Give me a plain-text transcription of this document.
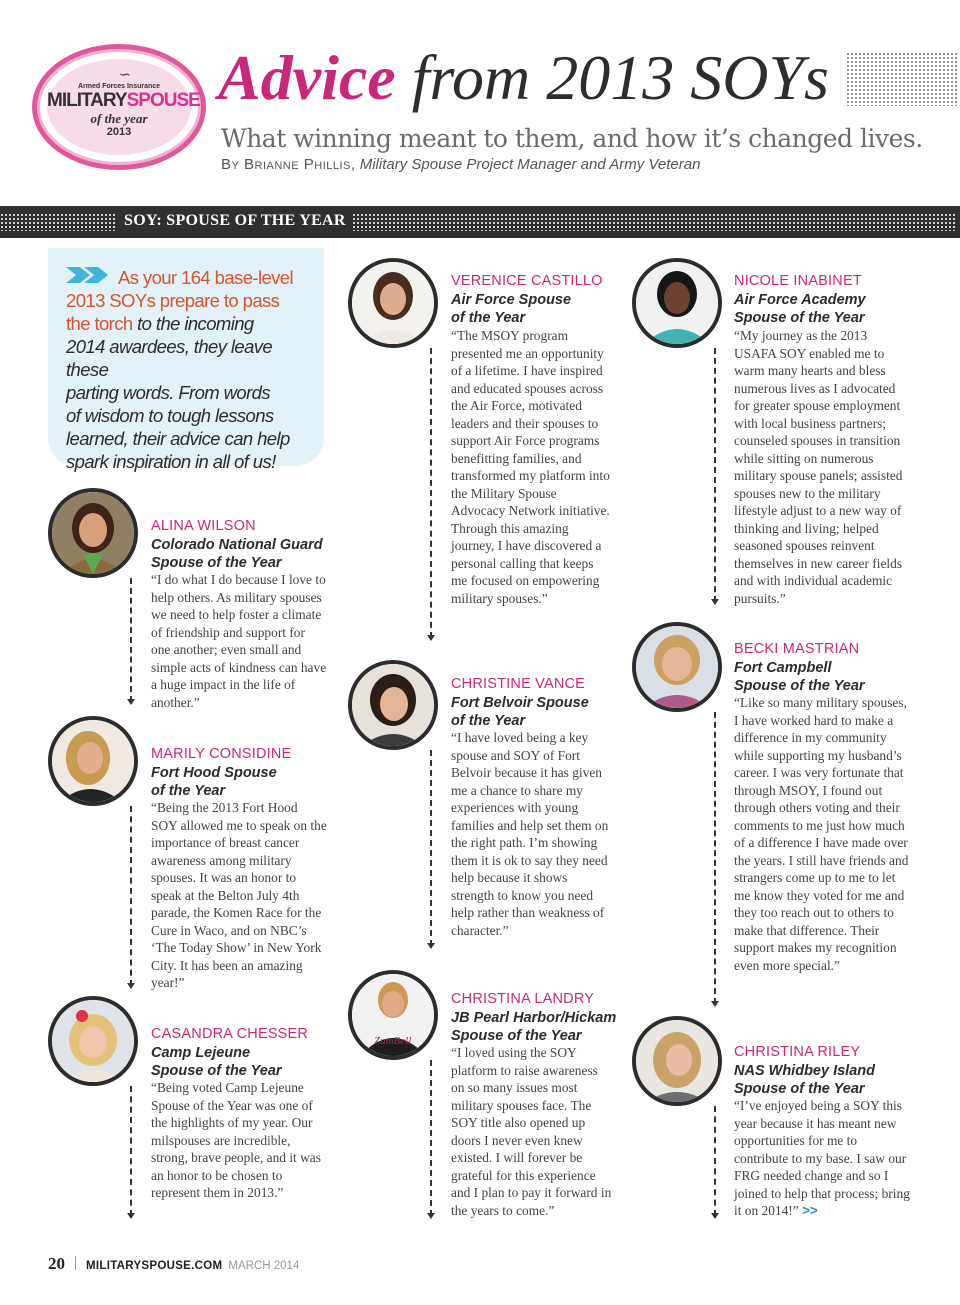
∽
Armed Forces Insurance
MILITARYSPOUSE
of the year
2013
Advice from 2013 SOYs
What winning meant to them, and how it’s changed lives.
By Brianne Phillis, Military Spouse Project Manager and Army Veteran
SOY: SPOUSE OF THE YEAR
As your 164 base-level
2013 SOYs prepare to pass
the torch to the incoming
2014 awardees, they leave these
parting words. From words
of wisdom to tough lessons
learned, their advice can help
spark inspiration in all of us!
ALINA WILSON
Colorado National Guard
Spouse of the Year
“I do what I do because I love to help others. As military spouses we need to help foster a climate of friendship and support for one another; even small and simple acts of kindness can have a huge impact in the life of another.”
MARILY CONSIDINE
Fort Hood Spouse
of the Year
“Being the 2013 Fort Hood SOY allowed me to speak on the importance of breast cancer awareness among military spouses. It was an honor to speak at the Belton July 4th parade, the Komen Race for the Cure in Waco, and on NBC’s ‘The Today Show’ in New York City. It has been an amazing year!”
CASANDRA CHESSER
Camp Lejeune
Spouse of the Year
“Being voted Camp Lejeune Spouse of the Year was one of the highlights of my year. Our milspouses are incredible, strong, brave people, and it was an honor to be chosen to represent them in 2013.”
VERENICE CASTILLO
Air Force Spouse
of the Year
“The MSOY program presented me an opportunity of a lifetime. I have inspired and educated spouses across the Air Force, motivated leaders and their spouses to support Air Force programs benefitting families, and transformed my platform into the Military Spouse Advocacy Network initiative. Through this amazing journey, I have discovered a personal calling that keeps me focused on empowering military spouses.”
CHRISTINE VANCE
Fort Belvoir Spouse
of the Year
“I have loved being a key spouse and SOY of Fort Belvoir because it has given me a chance to share my experiences with young families and help set them on the right path. I’m showing them it is ok to say they need help because it shows strength to know you need help rather than weakness of character.”
ZumBell
CHRISTINA LANDRY
JB Pearl Harbor/Hickam
Spouse of the Year
“I loved using the SOY platform to raise awareness on so many issues most military spouses face. The SOY title also opened up doors I never even knew existed. I will forever be grateful for this experience and I plan to pay it forward in the years to come.”
NICOLE INABINET
Air Force Academy
Spouse of the Year
“My journey as the 2013 USAFA SOY enabled me to warm many hearts and bless numerous lives as I advocated for greater spouse employment with local business partners; counseled spouses in transition while sitting on numerous military spouse panels; assisted spouses new to the military lifestyle adjust to a new way of thinking and living; helped seasoned spouses reinvent themselves in new career fields and with individual academic pursuits.”
BECKI MASTRIAN
Fort Campbell
Spouse of the Year
“Like so many military spouses, I have worked hard to make a difference in my community while supporting my husband’s career. I was very fortunate that through MSOY, I found out through others voting and their comments to me just how much of a difference I have made over the years. I still have friends and strangers come up to me to let me know they voted for me and they too reach out to others to make that difference. Their support makes my recognition even more special.”
CHRISTINA RILEY
NAS Whidbey Island
Spouse of the Year
“I’ve enjoyed being a SOY this year because it has meant new opportunities for me to contribute to my base. I saw our FRG needed change and so I joined to help that process; bring it on 2014!” >>
20 MILITARYSPOUSE.COM MARCH 2014
